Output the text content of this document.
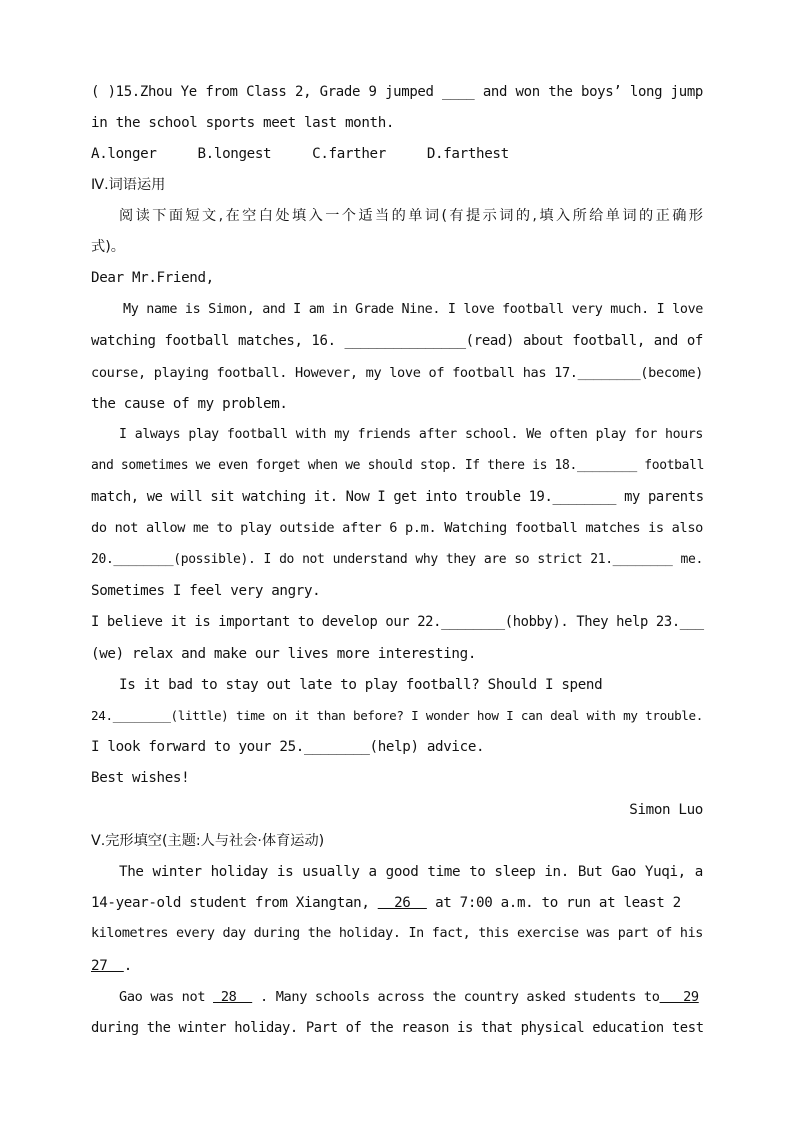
( )15.Zhou Ye from Class 2, Grade 9 jumped ____ and won the boys’ long jump
in the school sports meet last month.
A.longer     B.longest     C.farther     D.farthest
Ⅳ.词语运用
阅读下面短文,在空白处填入一个适当的单词(有提示词的,填入所给单词的正确形
式)。
Dear Mr.Friend,
My name is Simon, and I am in Grade Nine. I love football very much. I love
watching football matches, 16. _______________(read) about football, and of
course, playing football. However, my love of football has 17.________(become)
the cause of my problem.
I always play football with my friends after school. We often play for hours
and sometimes we even forget when we should stop. If there is 18.________ football
match, we will sit watching it. Now I get into trouble 19.________ my parents
do not allow me to play outside after 6 p.m. Watching football matches is also
20.________(possible). I do not understand why they are so strict 21.________ me.
Sometimes I feel very angry.
I believe it is important to develop our 22.________(hobby). They help 23.___
(we) relax and make our lives more interesting.
Is it bad to stay out late to play football? Should I spend
24.________(little) time on it than before? I wonder how I can deal with my trouble.
I look forward to your 25.________(help) advice.
Best wishes!
Simon Luo
Ⅴ.完形填空(主题:人与社会·体育运动)
The winter holiday is usually a good time to sleep in. But Gao Yuqi, a
14-year-old student from Xiangtan,   26   at 7:00 a.m. to run at least 2
kilometres every day during the holiday. In fact, this exercise was part of his
27  .
Gao was not  28   . Many schools across the country asked students to   29
during the winter holiday. Part of the reason is that physical education test
